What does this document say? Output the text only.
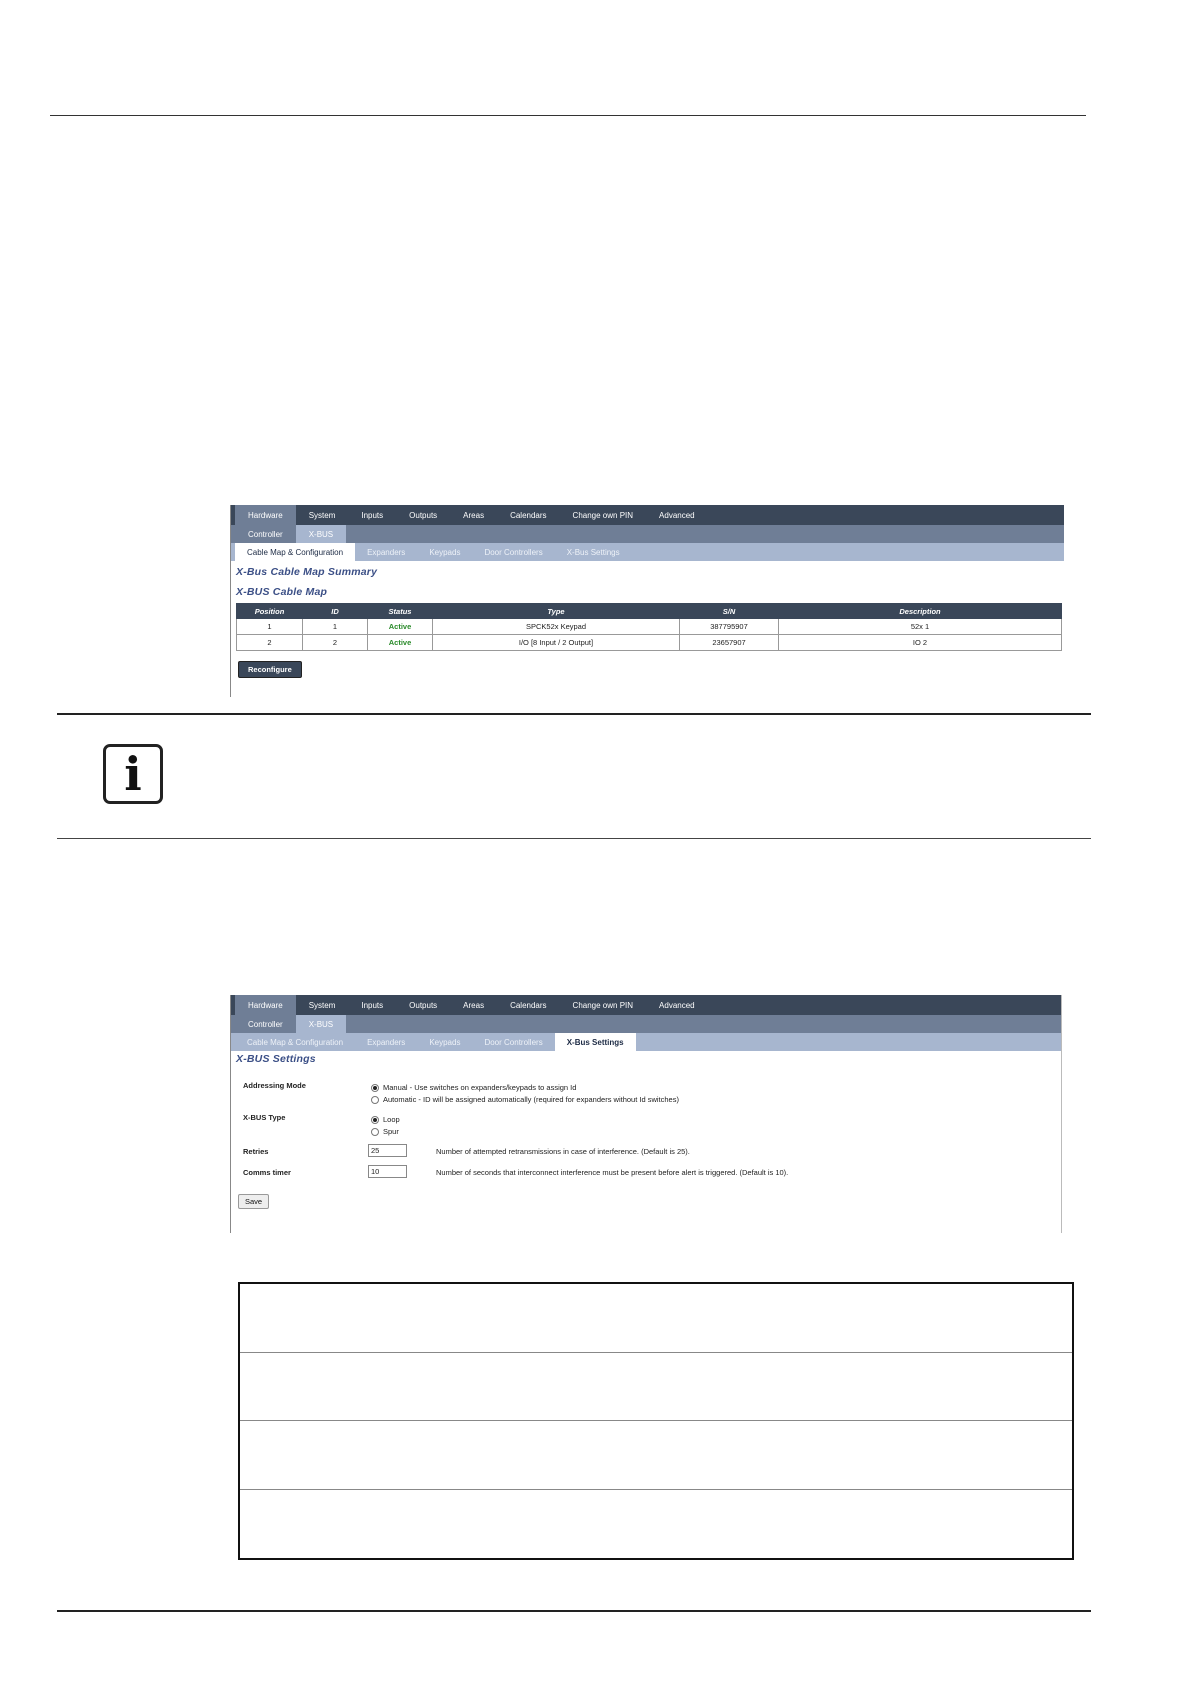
Hardware	System	Inputs	Outputs	Areas	Calendars	Change own PIN	Advanced
Controller	X-BUS
Cable Map & Configuration	Expanders	Keypads	Door Controllers	X-Bus Settings
X-Bus Cable Map Summary
X-BUS Cable Map
Position	ID	Status	Type	S/N	Description
1	1	Active	SPCK52x Keypad	387795907	52x 1
2	2	Active	I/O [8 Input / 2 Output]	23657907	IO 2
Reconfigure
i
Hardware	System	Inputs	Outputs	Areas	Calendars	Change own PIN	Advanced
Controller	X-BUS
Cable Map & Configuration	Expanders	Keypads	Door Controllers	X-Bus Settings
X-BUS Settings
Addressing Mode	Manual - Use switches on expanders/keypads to assign Id
Automatic - ID will be assigned automatically (required for expanders without Id switches)
X-BUS Type	Loop
Spur
Retries	25	Number of attempted retransmissions in case of interference. (Default is 25).
Comms timer	10	Number of seconds that interconnect interference must be present before alert is triggered. (Default is 10).
Save
